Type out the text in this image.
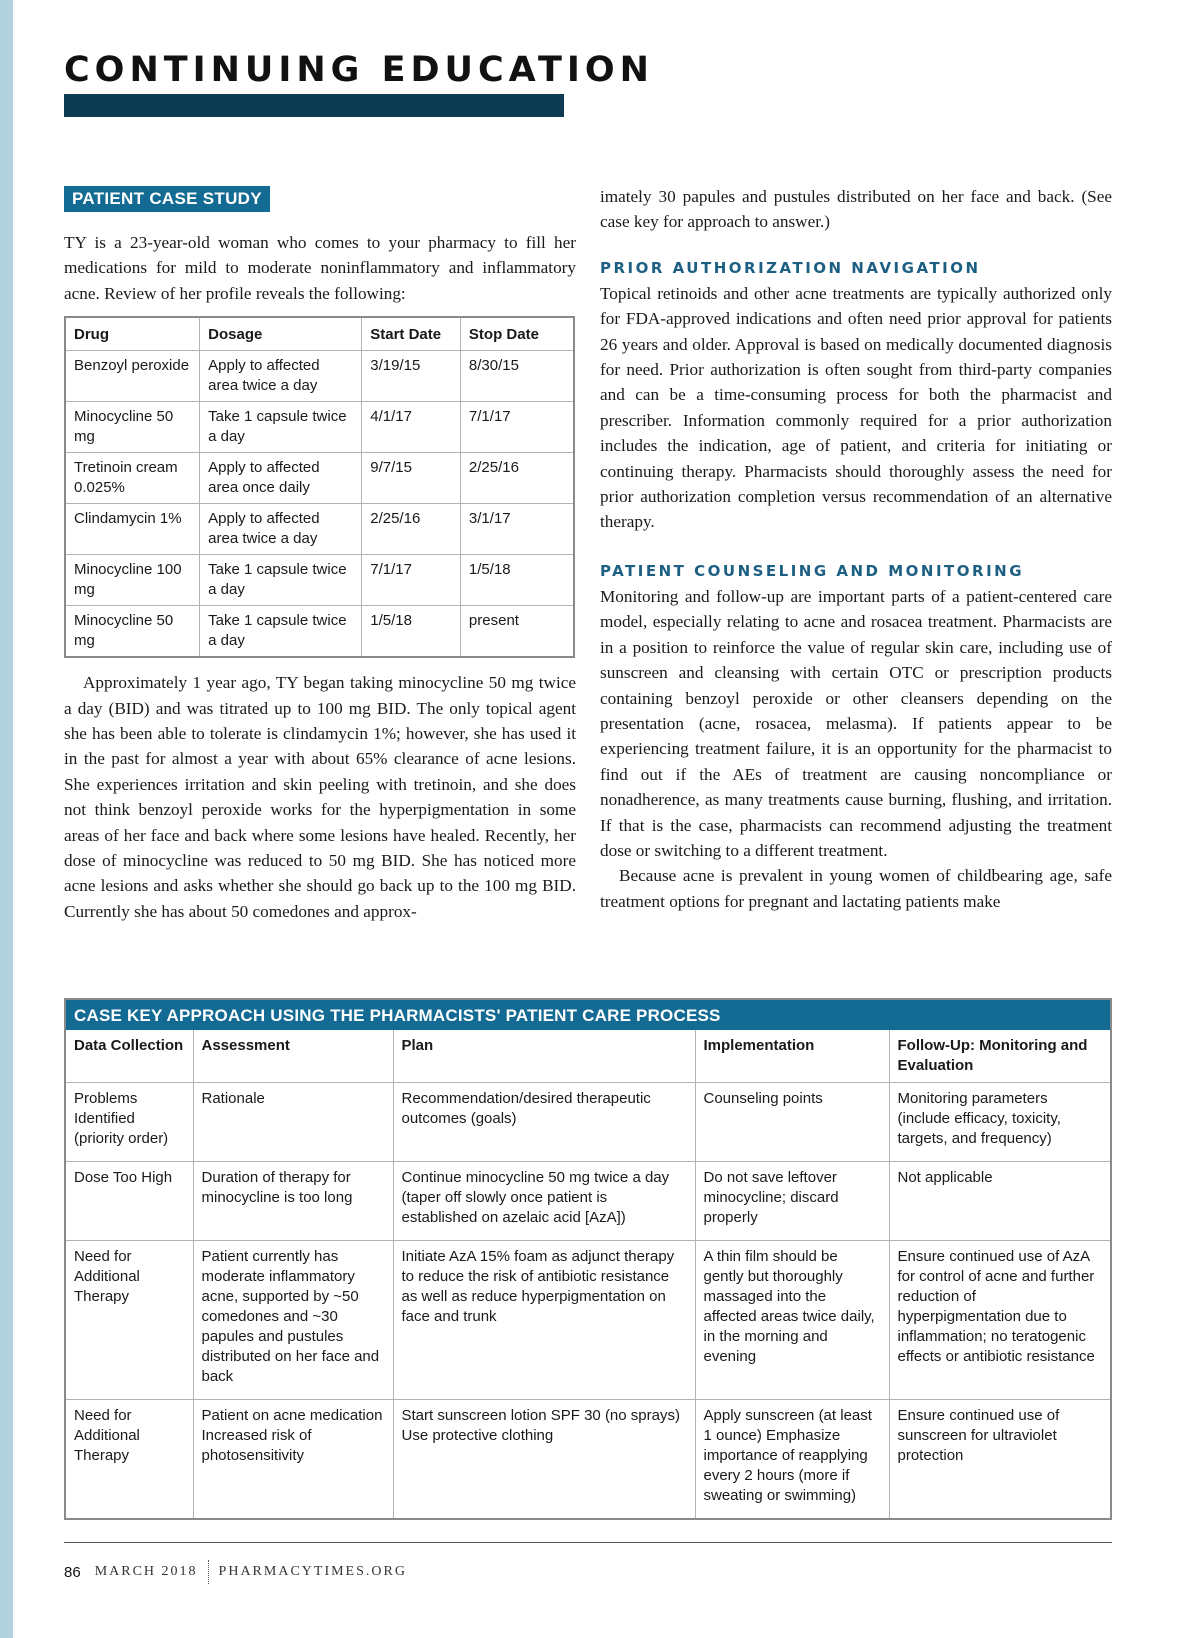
CONTINUING EDUCATION
PATIENT CASE STUDY

TY is a 23-year-old woman who comes to your pharmacy to fill her medications for mild to moderate noninflammatory and inflammatory acne. Review of her profile reveals the following:

Drug	Dosage	Start Date	Stop Date
Benzoyl peroxide	Apply to affected area twice a day	3/19/15	8/30/15
Minocycline 50 mg	Take 1 capsule twice a day	4/1/17	7/1/17
Tretinoin cream 0.025%	Apply to affected area once daily	9/7/15	2/25/16
Clindamycin 1%	Apply to affected area twice a day	2/25/16	3/1/17
Minocycline 100 mg	Take 1 capsule twice a day	7/1/17	1/5/18
Minocycline 50 mg	Take 1 capsule twice a day	1/5/18	present

Approximately 1 year ago, TY began taking minocycline 50 mg twice a day (BID) and was titrated up to 100 mg BID. The only topical agent she has been able to tolerate is clindamycin 1%; however, she has used it in the past for almost a year with about 65% clearance of acne lesions. She experiences irritation and skin peeling with tretinoin, and she does not think benzoyl peroxide works for the hyperpigmentation in some areas of her face and back where some lesions have healed. Recently, her dose of minocycline was reduced to 50 mg BID. She has noticed more acne lesions and asks whether she should go back up to the 100 mg BID. Currently she has about 50 comedones and approx-

imately 30 papules and pustules distributed on her face and back. (See case key for approach to answer.)

PRIOR AUTHORIZATION NAVIGATION

Topical retinoids and other acne treatments are typically authorized only for FDA-approved indications and often need prior approval for patients 26 years and older. Approval is based on medically documented diagnosis for need. Prior authorization is often sought from third-party companies and can be a time-consuming process for both the pharmacist and prescriber. Information commonly required for a prior authorization includes the indication, age of patient, and criteria for initiating or continuing therapy. Pharmacists should thoroughly assess the need for prior authorization completion versus recommendation of an alternative therapy.

PATIENT COUNSELING AND MONITORING

Monitoring and follow-up are important parts of a patient-centered care model, especially relating to acne and rosacea treatment. Pharmacists are in a position to reinforce the value of regular skin care, including use of sunscreen and cleansing with certain OTC or prescription products containing benzoyl peroxide or other cleansers depending on the presentation (acne, rosacea, melasma). If patients appear to be experiencing treatment failure, it is an opportunity for the pharmacist to find out if the AEs of treatment are causing noncompliance or nonadherence, as many treatments cause burning, flushing, and irritation. If that is the case, pharmacists can recommend adjusting the treatment dose or switching to a different treatment.

Because acne is prevalent in young women of childbearing age, safe treatment options for pregnant and lactating patients make

CASE KEY APPROACH USING THE PHARMACISTS' PATIENT CARE PROCESS
Data Collection	Assessment	Plan	Implementation	Follow-Up: Monitoring and Evaluation
Problems Identified (priority order)	Rationale	Recommendation/desired therapeutic outcomes (goals)	Counseling points	Monitoring parameters (include efficacy, toxicity, targets, and frequency)
Dose Too High	Duration of therapy for minocycline is too long	Continue minocycline 50 mg twice a day (taper off slowly once patient is established on azelaic acid [AzA])	Do not save leftover minocycline; discard properly	Not applicable
Need for Additional Therapy	Patient currently has moderate inflammatory acne, supported by ~50 comedones and ~30 papules and pustules distributed on her face and back	Initiate AzA 15% foam as adjunct therapy to reduce the risk of antibiotic resistance as well as reduce hyperpigmentation on face and trunk	A thin film should be gently but thoroughly massaged into the affected areas twice daily, in the morning and evening	Ensure continued use of AzA for control of acne and further reduction of hyperpigmentation due to inflammation; no teratogenic effects or antibiotic resistance
Need for Additional Therapy	Patient on acne medication Increased risk of photosensitivity	Start sunscreen lotion SPF 30 (no sprays) Use protective clothing	Apply sunscreen (at least 1 ounce) Emphasize importance of reapplying every 2 hours (more if sweating or swimming)	Ensure continued use of sunscreen for ultraviolet protection
86 MARCH 2018 PHARMACYTIMES.ORG
